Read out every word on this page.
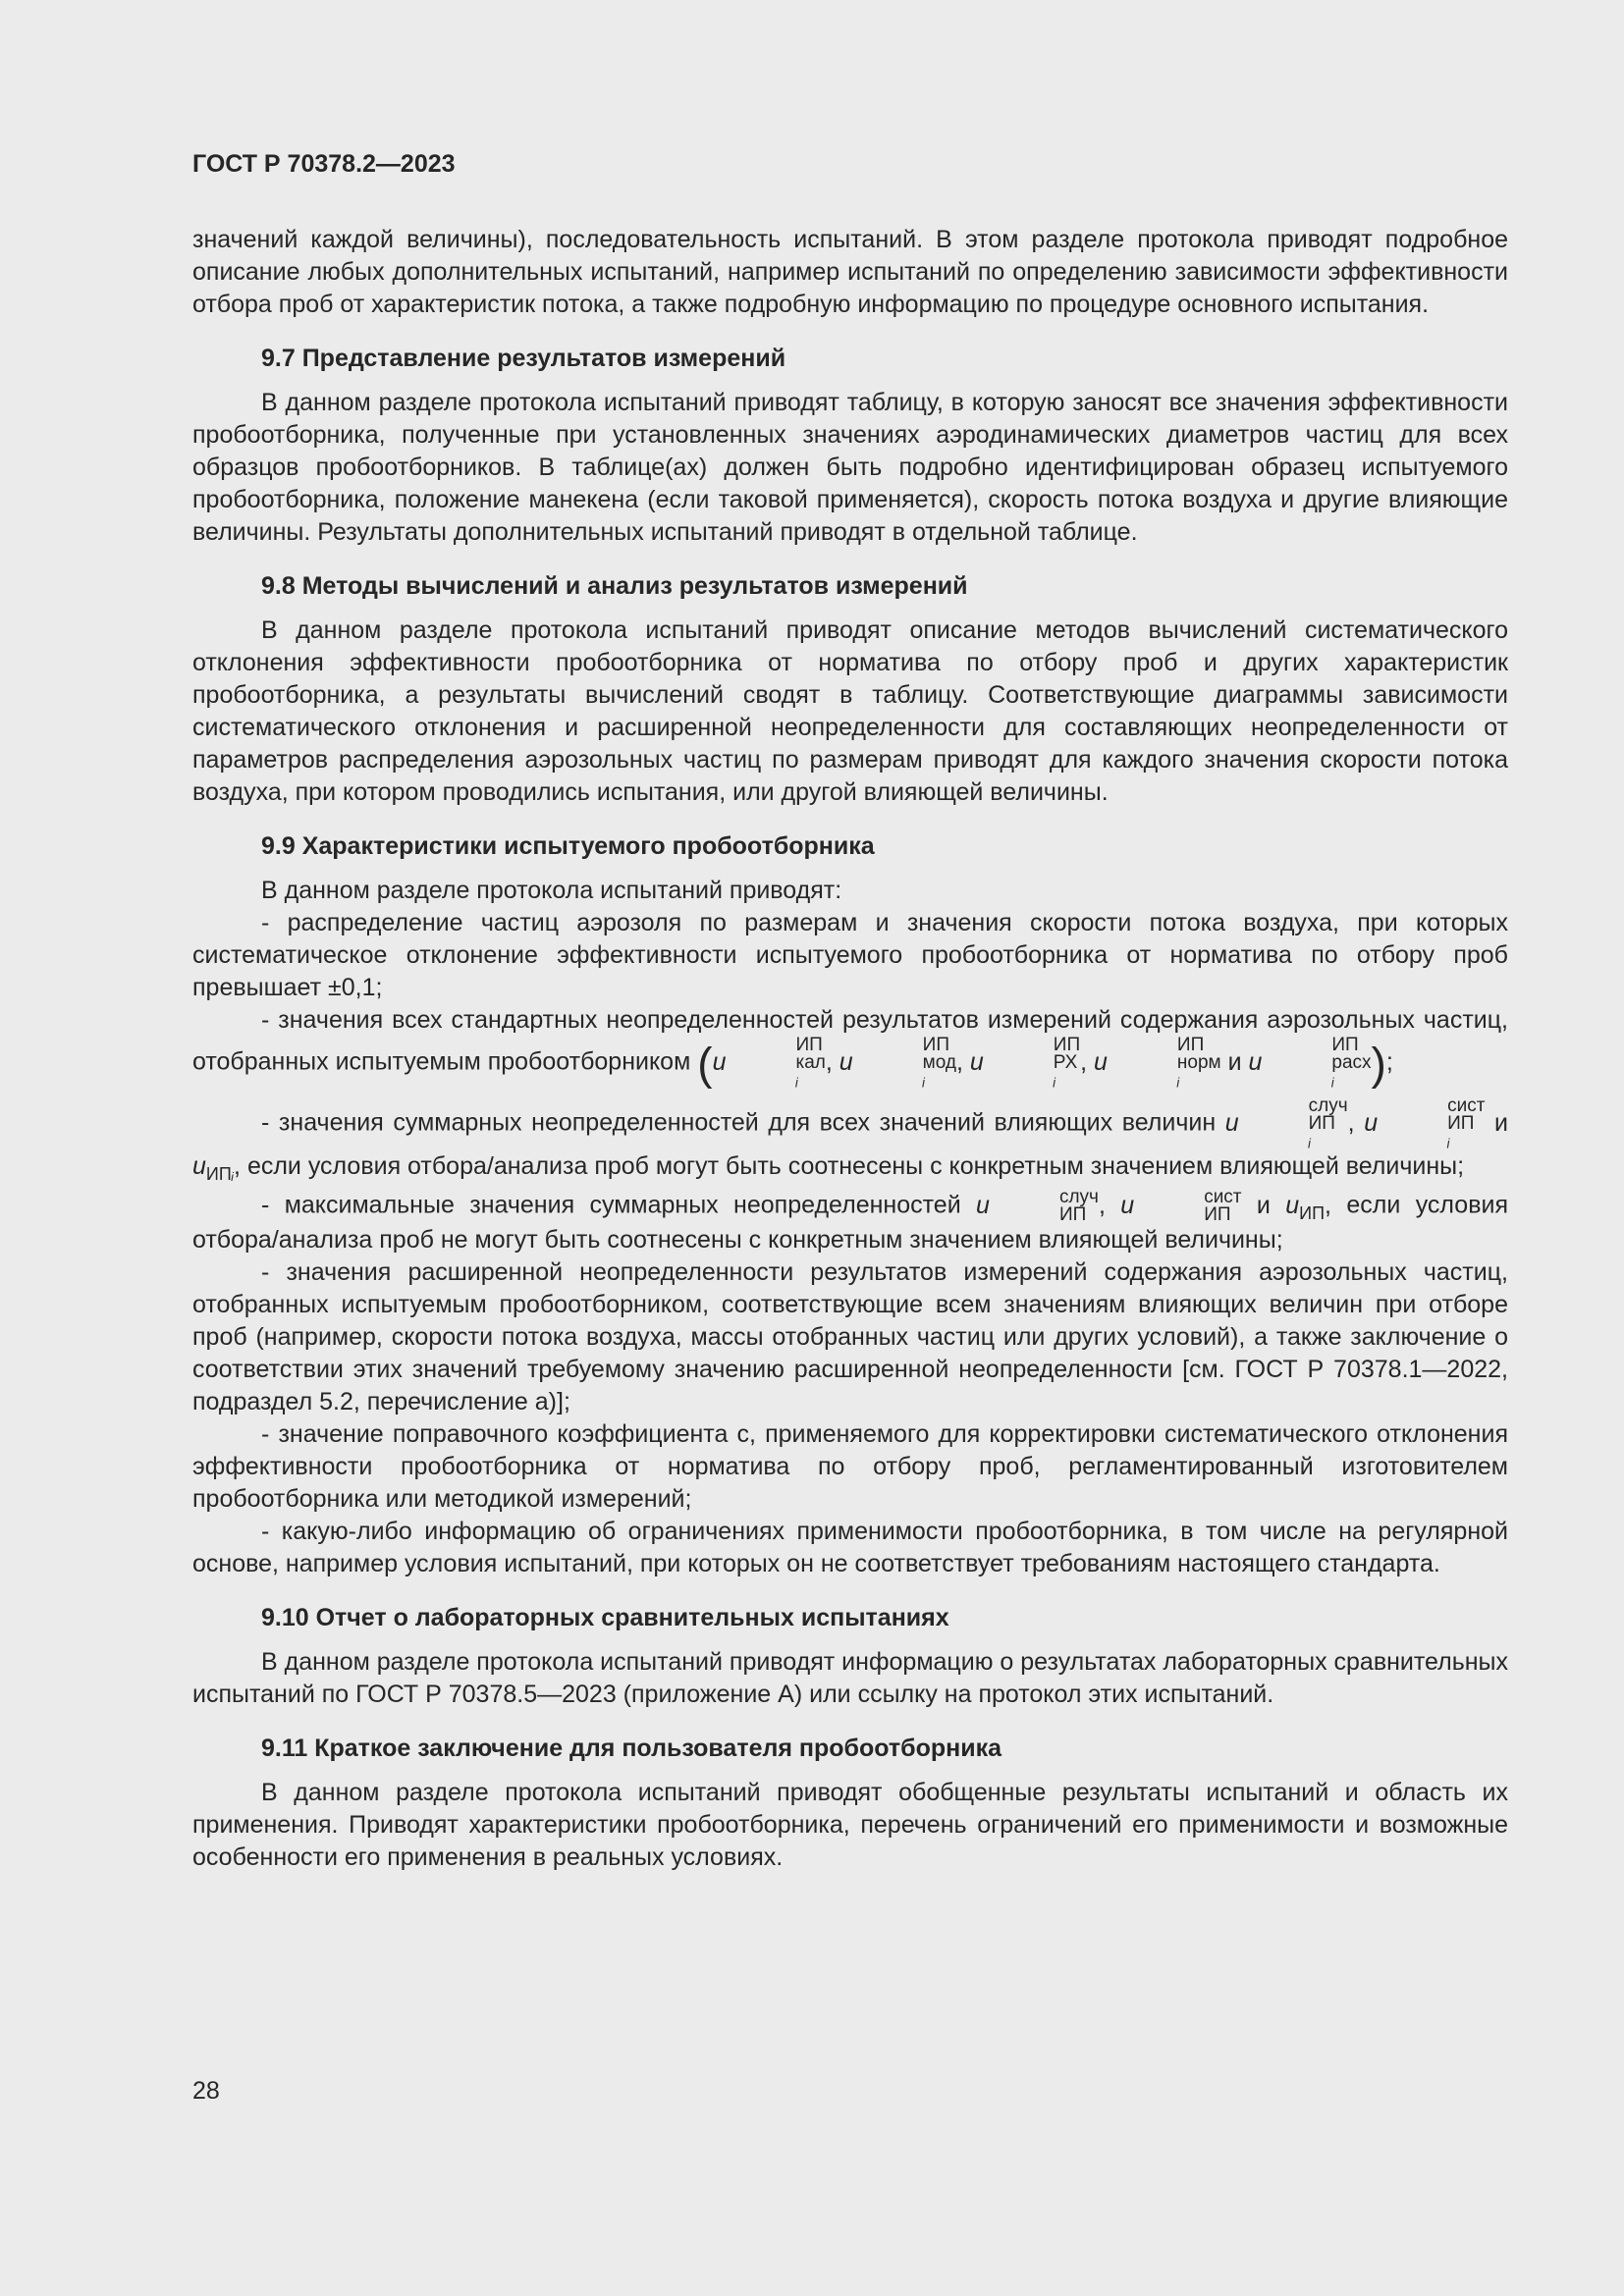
ГОСТ Р 70378.2—2023

значений каждой величины), последовательность испытаний. В этом разделе протокола приводят подробное описание любых дополнительных испытаний, например испытаний по определению зависимости эффективности отбора проб от характеристик потока, а также подробную информацию по процедуре основного испытания.

9.7 Представление результатов измерений

В данном разделе протокола испытаний приводят таблицу, в которую заносят все значения эффективности пробоотборника, полученные при установленных значениях аэродинамических диаметров частиц для всех образцов пробоотборников. В таблице(ах) должен быть подробно идентифицирован образец испытуемого пробоотборника, положение манекена (если таковой применяется), скорость потока воздуха и другие влияющие величины. Результаты дополнительных испытаний приводят в отдельной таблице.

9.8 Методы вычислений и анализ результатов измерений

В данном разделе протокола испытаний приводят описание методов вычислений систематического отклонения эффективности пробоотборника от норматива по отбору проб и других характеристик пробоотборника, а результаты вычислений сводят в таблицу. Соответствующие диаграммы зависимости систематического отклонения и расширенной неопределенности для составляющих неопределенности от параметров распределения аэрозольных частиц по размерам приводят для каждого значения скорости потока воздуха, при котором проводились испытания, или другой влияющей величины.

9.9 Характеристики испытуемого пробоотборника

В данном разделе протокола испытаний приводят:

- распределение частиц аэрозоля по размерам и значения скорости потока воздуха, при которых систематическое отклонение эффективности испытуемого пробоотборника от норматива по отбору проб превышает ±0,1;

- значения всех стандартных неопределенностей результатов измерений содержания аэрозольных частиц, отобранных испытуемым пробоотборником (u
ИП
кал
ᵢ
, u
ИП
мод
ᵢ
, u
ИП
РХ
ᵢ
, u
ИП
норм
ᵢ
и u
ИП
расх
ᵢ );

- значения суммарных неопределенностей для всех значений влияющих величин u
случ
ИП
ᵢ
, u
сист
ИП
ᵢ
и $u_{ИПᵢ}$, если условия отбора/анализа проб могут быть соотнесены с конкретным значением влияющей величины;

- максимальные значения суммарных неопределенностей u	случ
ИП , u	сист
ИП и $u_{ИП}$, если условия отбора/анализа проб не могут быть соотнесены с конкретным значением влияющей величины;

- значения расширенной неопределенности результатов измерений содержания аэрозольных частиц, отобранных испытуемым пробоотборником, соответствующие всем значениям влияющих величин при отборе проб (например, скорости потока воздуха, массы отобранных частиц или других условий), а также заключение о соответствии этих значений требуемому значению расширенной неопределенности [см. ГОСТ Р 70378.1—2022, подраздел 5.2, перечисление а)];

- значение поправочного коэффициента c, применяемого для корректировки систематического отклонения эффективности пробоотборника от норматива по отбору проб, регламентированный изготовителем пробоотборника или методикой измерений;

- какую-либо информацию об ограничениях применимости пробоотборника, в том числе на регулярной основе, например условия испытаний, при которых он не соответствует требованиям настоящего стандарта.

9.10 Отчет о лабораторных сравнительных испытаниях

В данном разделе протокола испытаний приводят информацию о результатах лабораторных сравнительных испытаний по ГОСТ Р 70378.5—2023 (приложение А) или ссылку на протокол этих испытаний.

9.11 Краткое заключение для пользователя пробоотборника

В данном разделе протокола испытаний приводят обобщенные результаты испытаний и область их применения. Приводят характеристики пробоотборника, перечень ограничений его применимости и возможные особенности его применения в реальных условиях.

28
